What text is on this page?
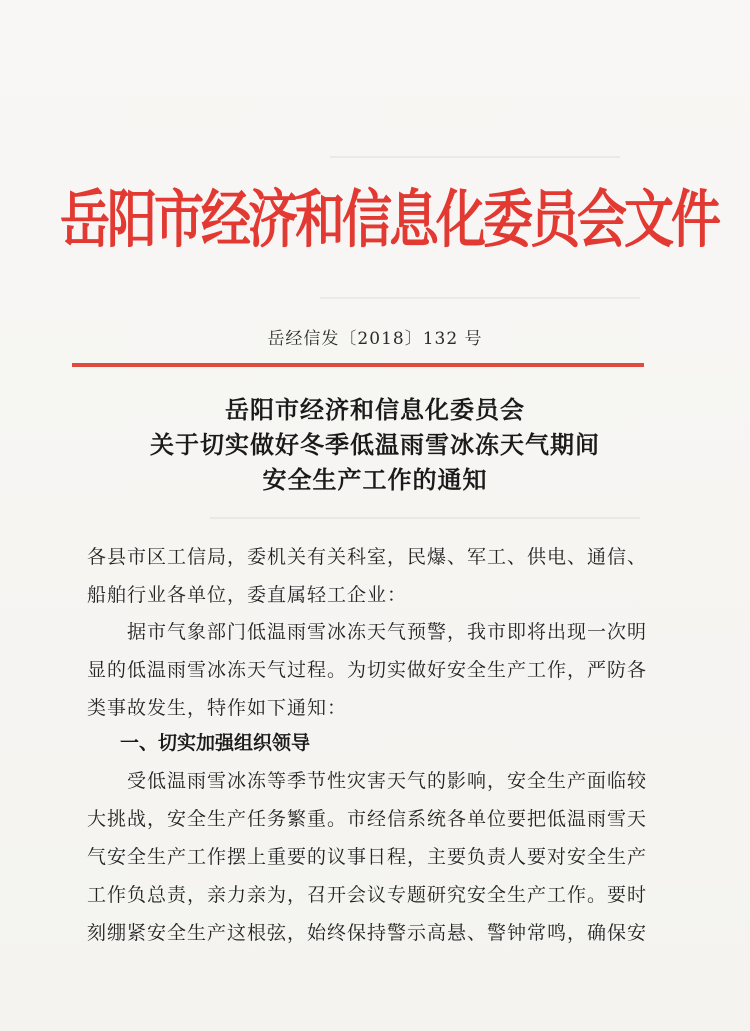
岳阳市经济和信息化委员会文件
岳经信发〔2018〕132 号
岳阳市经济和信息化委员会
关于切实做好冬季低温雨雪冰冻天气期间
安全生产工作的通知
各县市区工信局，委机关有关科室，民爆、军工、供电、通信、
船舶行业各单位，委直属轻工企业：
　　据市气象部门低温雨雪冰冻天气预警，我市即将出现一次明
显的低温雨雪冰冻天气过程。为切实做好安全生产工作，严防各
类事故发生，特作如下通知：
一、切实加强组织领导
　　受低温雨雪冰冻等季节性灾害天气的影响，安全生产面临较
大挑战，安全生产任务繁重。市经信系统各单位要把低温雨雪天
气安全生产工作摆上重要的议事日程，主要负责人要对安全生产
工作负总责，亲力亲为，召开会议专题研究安全生产工作。要时
刻绷紧安全生产这根弦，始终保持警示高悬、警钟常鸣，确保安
